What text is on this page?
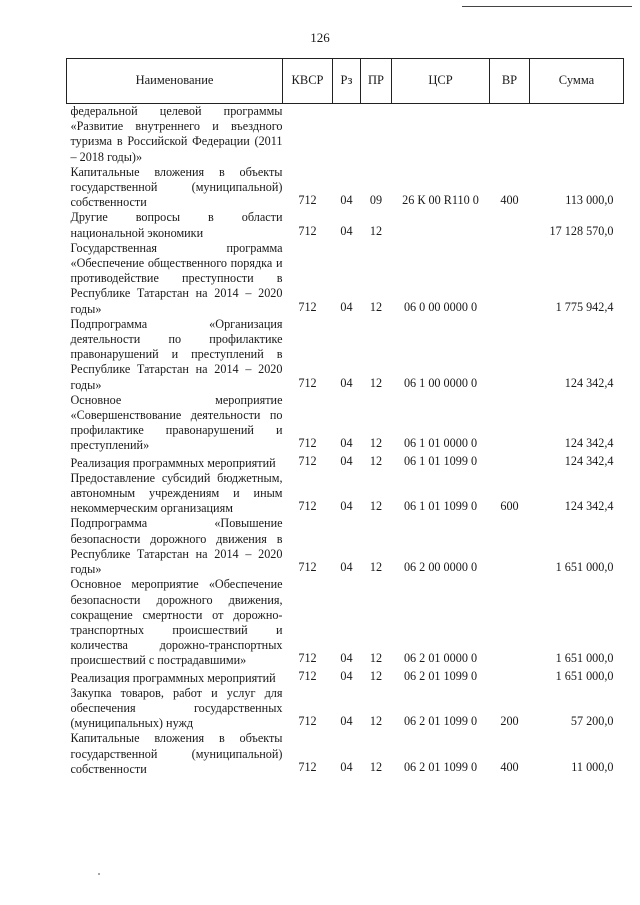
126
Наименование	КВСР	Рз	ПР	ЦСР	ВР	Сумма
федеральной целевой программы «Развитие внутреннего и въездного туризма в Российской Федерации (2011 – 2018 годы)»						
Капитальные вложения в объекты государственной (муниципальной) собственности	712	04	09	26 К 00 R110 0	400	113 000,0
Другие вопросы в области национальной экономики	712	04	12			17 128 570,0
Государственная программа «Обеспечение общественного порядка и противодействие преступности в Республике Татарстан на 2014 – 2020 годы»	712	04	12	06 0 00 0000 0		1 775 942,4
Подпрограмма «Организация деятельности по профилактике правонарушений и преступлений в Республике Татарстан на 2014 – 2020 годы»	712	04	12	06 1 00 0000 0		124 342,4
Основное мероприятие «Совершенствование деятельности по профилактике правонарушений и преступлений»	712	04	12	06 1 01 0000 0		124 342,4
Реализация программных мероприятий	712	04	12	06 1 01 1099 0		124 342,4
Предоставление субсидий бюджетным, автономным учреждениям и иным некоммерческим организациям	712	04	12	06 1 01 1099 0	600	124 342,4
Подпрограмма «Повышение безопасности дорожного движения в Республике Татарстан на 2014 – 2020 годы»	712	04	12	06 2 00 0000 0		1 651 000,0
Основное мероприятие «Обеспечение безопасности дорожного движения, сокращение смертности от дорожно-транспортных происшествий и количества дорожно-транспортных происшествий с пострадавшими»	712	04	12	06 2 01 0000 0		1 651 000,0
Реализация программных мероприятий	712	04	12	06 2 01 1099 0		1 651 000,0
Закупка товаров, работ и услуг для обеспечения государственных (муниципальных) нужд	712	04	12	06 2 01 1099 0	200	57 200,0
Капитальные вложения в объекты государственной (муниципальной) собственности	712	04	12	06 2 01 1099 0	400	11 000,0
